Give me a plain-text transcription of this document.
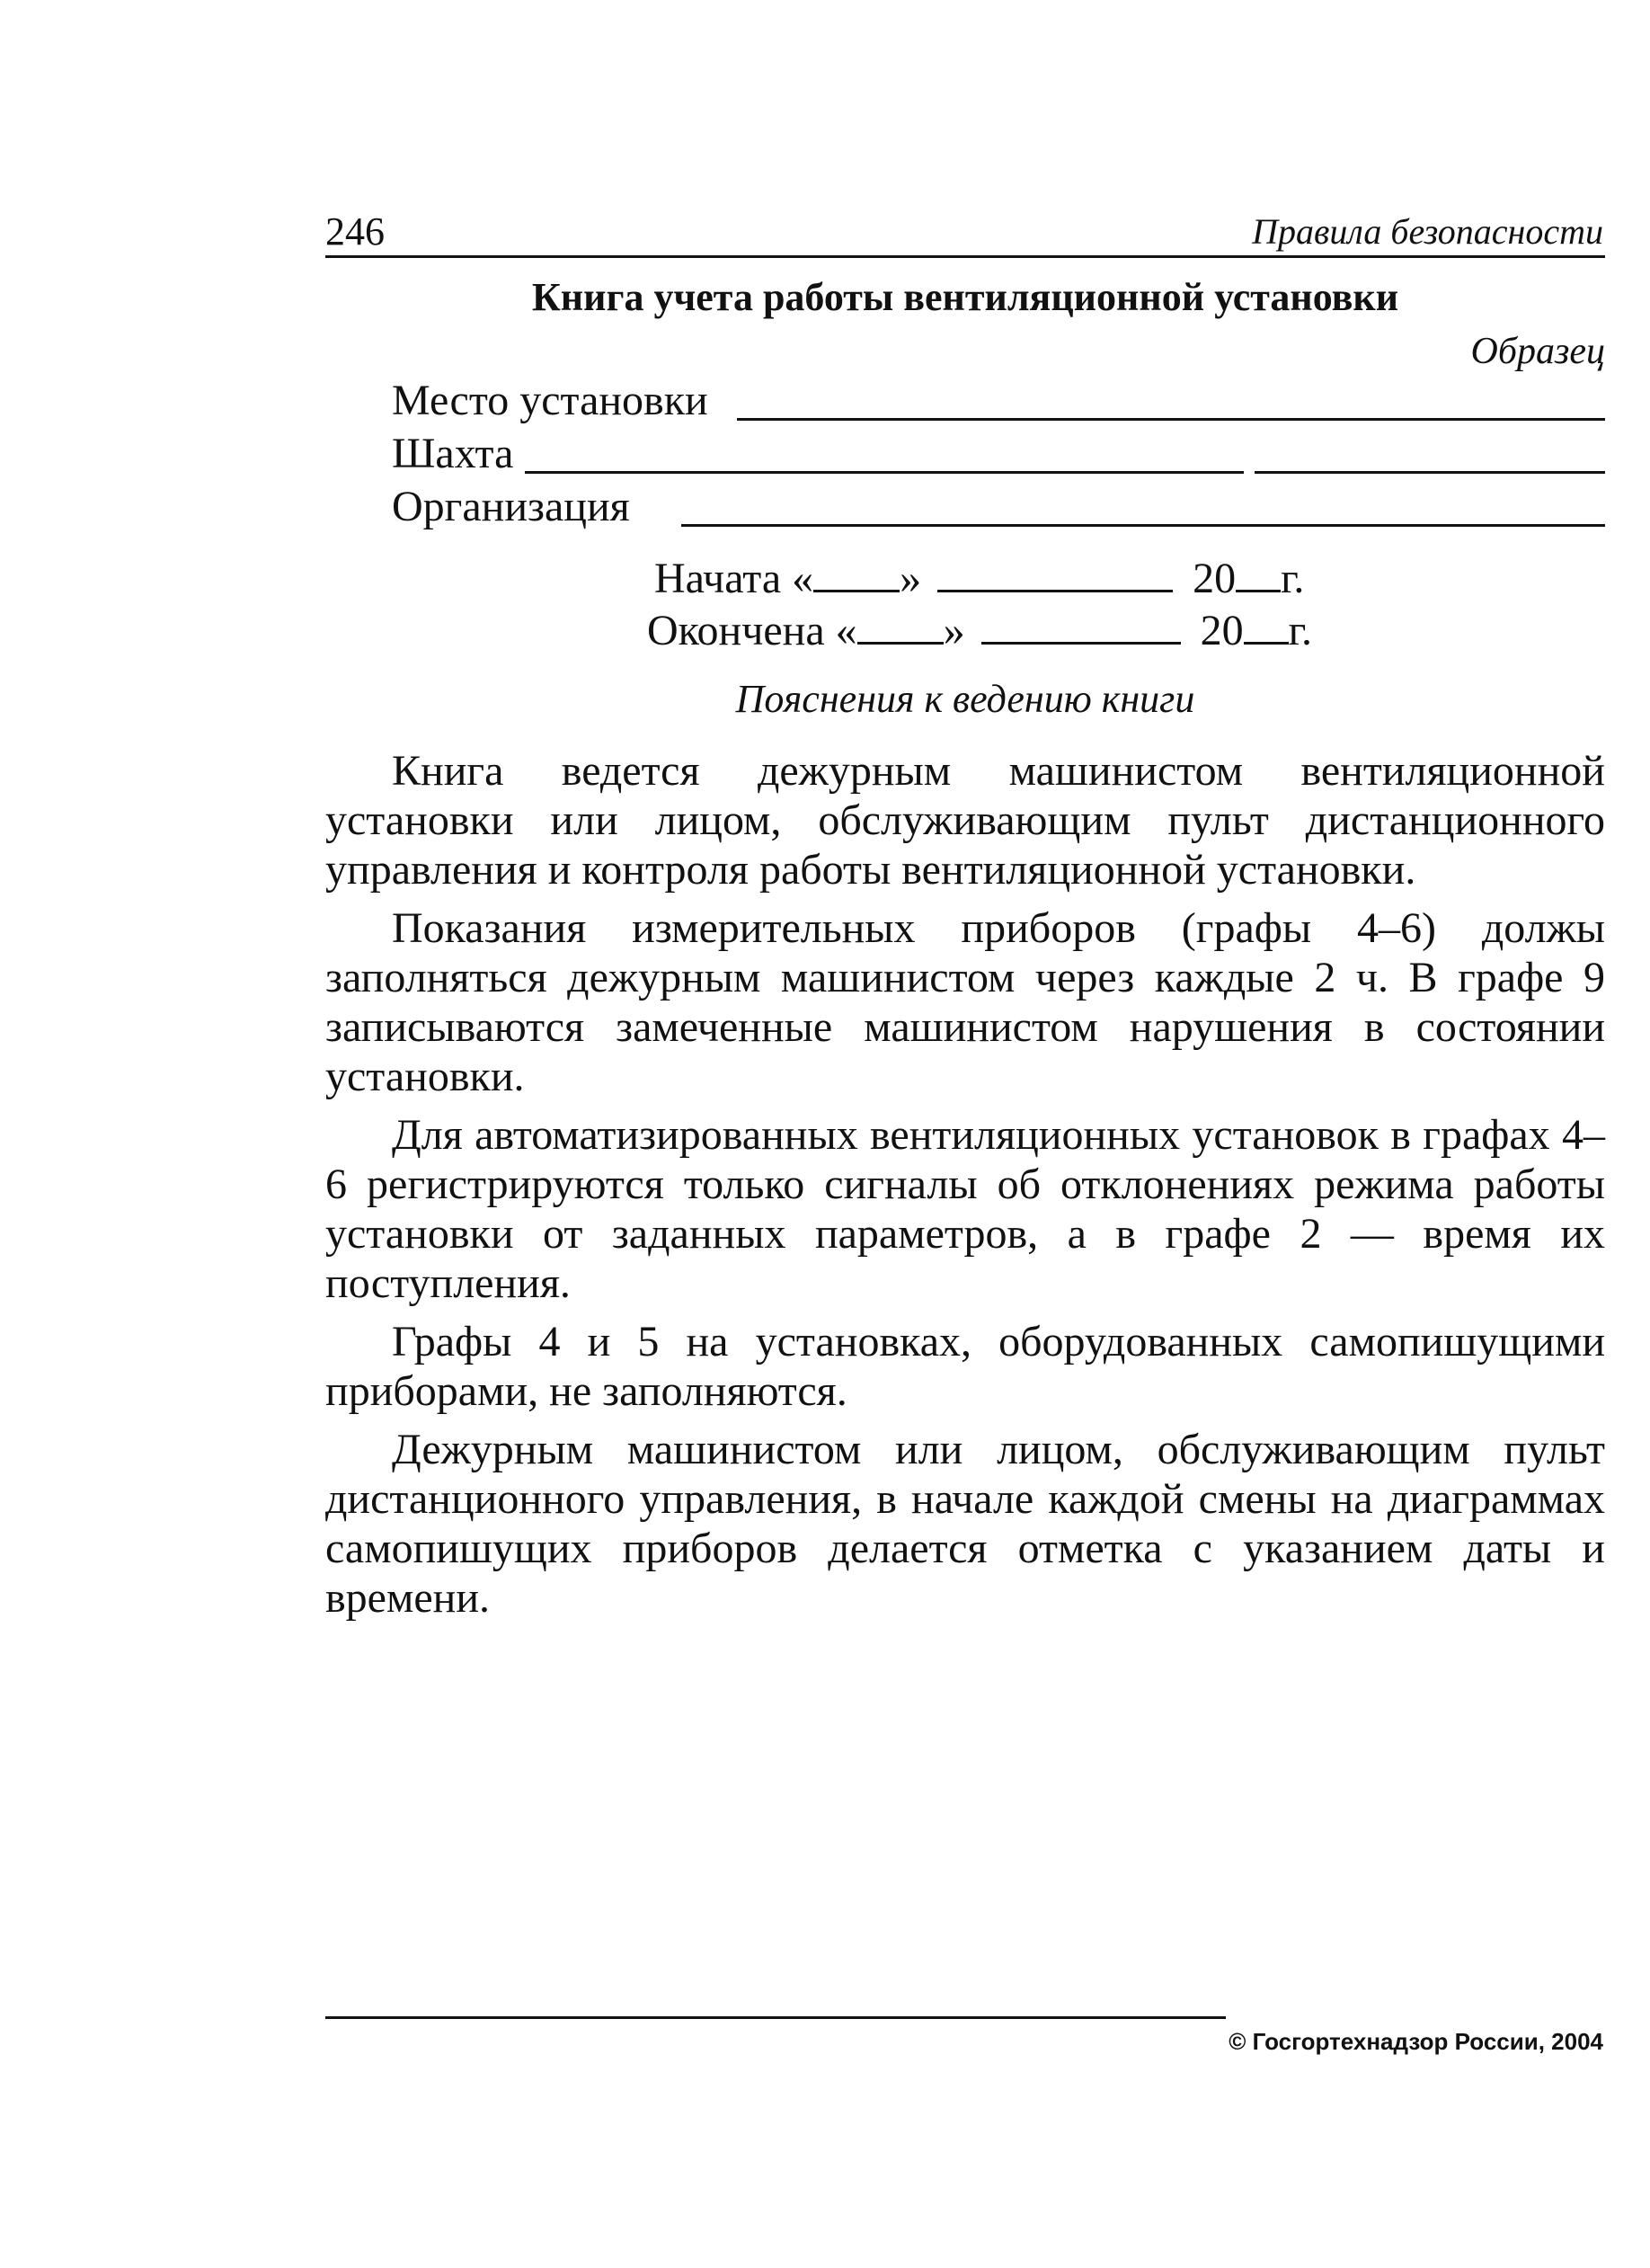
246	Правила безопасности
Книга учета работы вентиляционной установки
Образец
Место установки
Шахта
Организация
Начата « »	20г.
Окончена « »	20г.
Пояснения к ведению книги

Книга ведется дежурным машинистом вентиляционной установки или лицом, обслуживающим пульт дистанционного управления и контроля работы вентиляционной установки.

Показания измерительных приборов (графы 4–6) должы заполняться дежурным машинистом через каждые 2 ч. В графе 9 записываются замеченные машинистом нарушения в состоянии установки.

Для автоматизированных вентиляционных установок в графах 4–6 регистрируются только сигналы об отклонениях режима работы установки от заданных параметров, а в графе 2 — время их поступления.

Графы 4 и 5 на установках, оборудованных самопишущими приборами, не заполняются.

Дежурным машинистом или лицом, обслуживающим пульт дистанционного управления, в начале каждой смены на диаграммах самопишущих приборов делается отметка с указанием даты и времени.

© Госгортехнадзор России, 2004
